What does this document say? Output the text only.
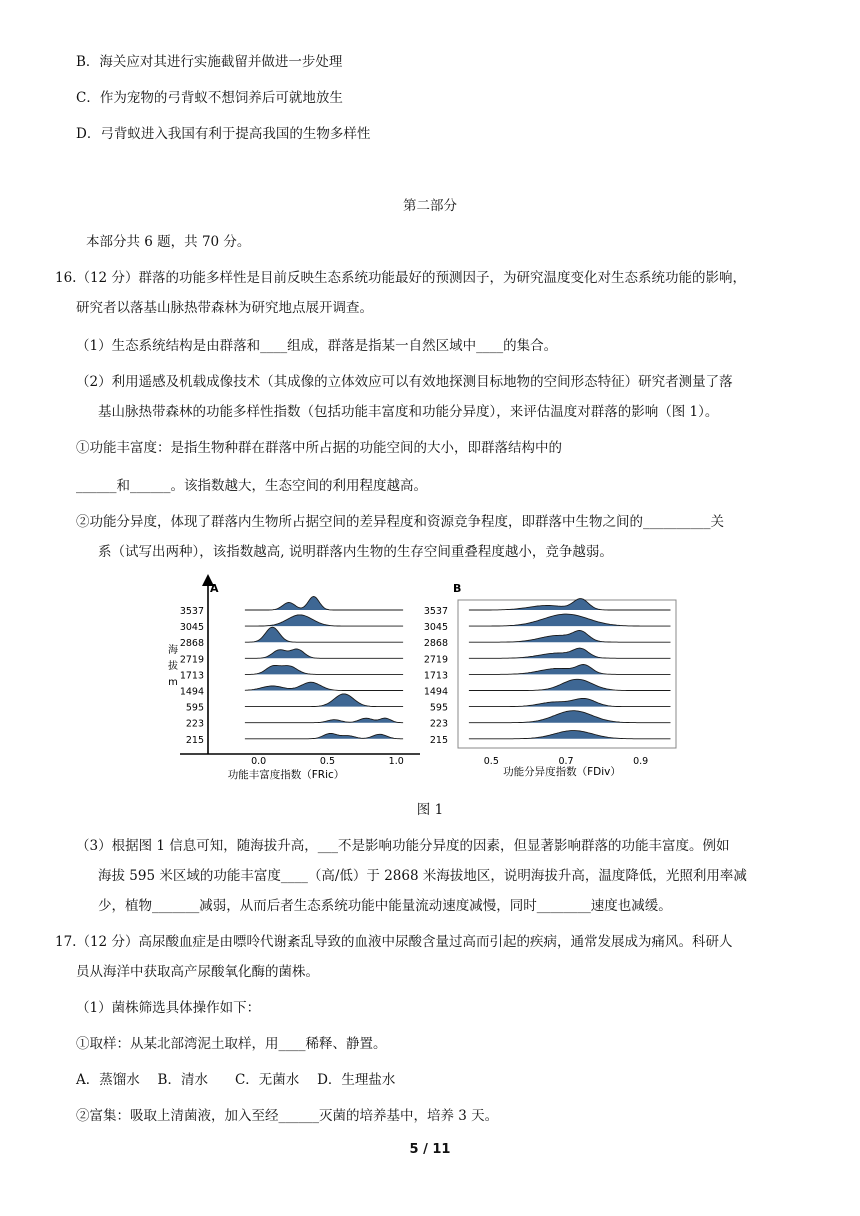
B．海关应对其进行实施截留并做进一步处理
C．作为宠物的弓背蚁不想饲养后可就地放生
D．弓背蚁进入我国有利于提高我国的生物多样性
第二部分
本部分共 6 题，共 70 分。
16.（12 分）群落的功能多样性是目前反映生态系统功能最好的预测因子，为研究温度变化对生态系统功能的影响，
研究者以落基山脉热带森林为研究地点展开调查。
（1）生态系统结构是由群落和____组成，群落是指某一自然区域中____的集合。
（2）利用遥感及机载成像技术（其成像的立体效应可以有效地探测目标地物的空间形态特征）研究者测量了落
基山脉热带森林的功能多样性指数（包括功能丰富度和功能分异度），来评估温度对群落的影响（图 1）。
①功能丰富度：是指生物种群在群落中所占据的功能空间的大小，即群落结构中的
______和______。该指数越大，生态空间的利用程度越高。
②功能分异度，体现了群落内生物所占据空间的差异程度和资源竞争程度，即群落中生物之间的__________关
系（试写出两种），该指数越高, 说明群落内生物的生存空间重叠程度越小，竞争越弱。
A
海
拔
m
3537
3045
2868
2719
1713
1494
595
223
215
0.0	0.5	1.0
功能丰富度指数（FRic）
B
3537
3045
2868
2719
1713
1494
595
223
215
0.5	0.7	0.9
功能分异度指数（FDiv）
图 1
（3）根据图 1 信息可知，随海拔升高，___不是影响功能分异度的因素，但显著影响群落的功能丰富度。例如
海拔 595 米区域的功能丰富度____（高/低）于 2868 米海拔地区，说明海拔升高，温度降低，光照利用率减
少，植物_______减弱，从而后者生态系统功能中能量流动速度减慢，同时________速度也减缓。
17.（12 分）高尿酸血症是由嘌呤代谢紊乱导致的血液中尿酸含量过高而引起的疾病，通常发展成为痛风。科研人
员从海洋中获取高产尿酸氧化酶的菌株。
（1）菌株筛选具体操作如下：
①取样：从某北部湾泥土取样，用____稀释、静置。
A．蒸馏水　 B．清水　　C．无菌水　 D．生理盐水
②富集：吸取上清菌液，加入至经______灭菌的培养基中，培养 3 天。
5 / 11
